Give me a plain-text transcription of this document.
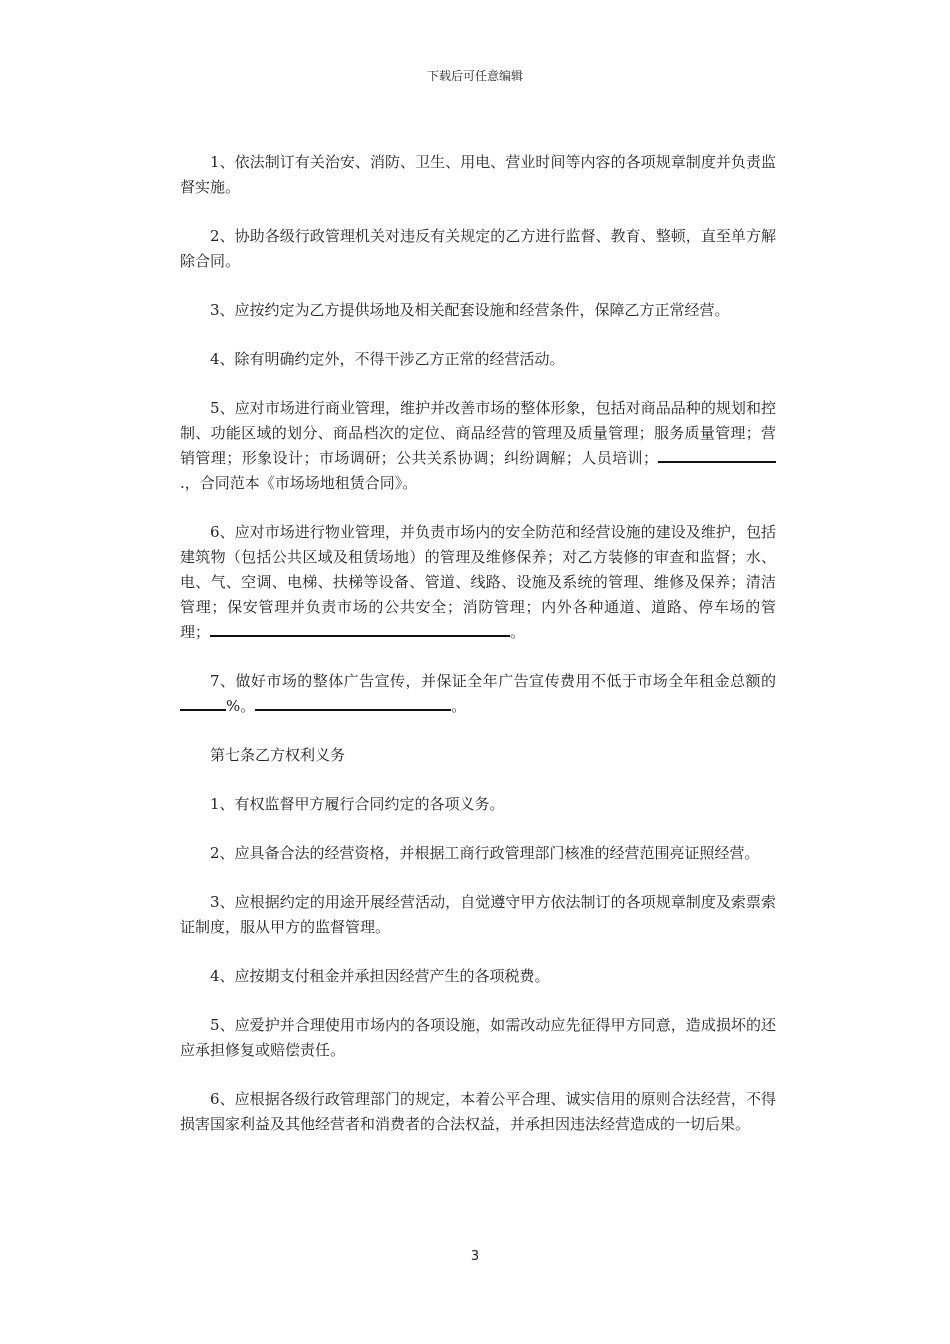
下载后可任意编辑

1、依法制订有关治安、消防、卫生、用电、营业时间等内容的各项规章制度并负责监督实施。

2、协助各级行政管理机关对违反有关规定的乙方进行监督、教育、整顿，直至单方解除合同。

3、应按约定为乙方提供场地及相关配套设施和经营条件，保障乙方正常经营。

4、除有明确约定外，不得干涉乙方正常的经营活动。

5、应对市场进行商业管理，维护并改善市场的整体形象，包括对商品品种的规划和控制、功能区域的划分、商品档次的定位、商品经营的管理及质量管理；服务质量管理；营销管理；形象设计；市场调研；公共关系协调；纠纷调解；人员培训；.，合同范本《市场场地租赁合同》。

6、应对市场进行物业管理，并负责市场内的安全防范和经营设施的建设及维护，包括建筑物（包括公共区域及租赁场地）的管理及维修保养；对乙方装修的审查和监督；水、电、气、空调、电梯、扶梯等设备、管道、线路、设施及系统的管理、维修及保养；清洁管理；保安管理并负责市场的公共安全；消防管理；内外各种通道、道路、停车场的管理；	。

7、做好市场的整体广告宣传，并保证全年广告宣传费用不低于市场全年租金总额的%。	。

第七条乙方权利义务

1、有权监督甲方履行合同约定的各项义务。

2、应具备合法的经营资格，并根据工商行政管理部门核准的经营范围亮证照经营。

3、应根据约定的用途开展经营活动，自觉遵守甲方依法制订的各项规章制度及索票索证制度，服从甲方的监督管理。

4、应按期支付租金并承担因经营产生的各项税费。

5、应爱护并合理使用市场内的各项设施，如需改动应先征得甲方同意，造成损坏的还应承担修复或赔偿责任。

6、应根据各级行政管理部门的规定，本着公平合理、诚实信用的原则合法经营，不得损害国家利益及其他经营者和消费者的合法权益，并承担因违法经营造成的一切后果。

3
